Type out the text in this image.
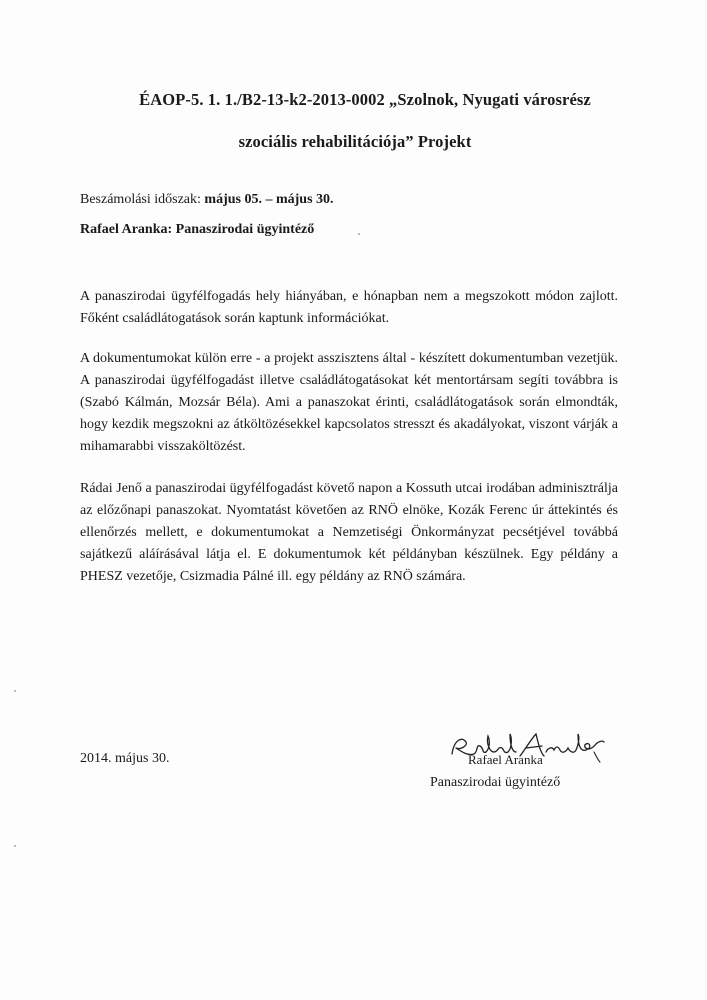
ÉAOP-5. 1. 1./B2-13-k2-2013-0002 „Szolnok, Nyugati városrész
szociális rehabilitációja” Projekt
Beszámolási időszak: május 05. – május 30.
Rafael Aranka: Panaszirodai ügyintéző
A panaszirodai ügyfélfogadás hely hiányában, e hónapban nem a megszokott módon zajlott. Főként családlátogatások során kaptunk információkat.
A dokumentumokat külön erre - a projekt asszisztens által - készített dokumentumban vezetjük. A panaszirodai ügyfélfogadást illetve családlátogatásokat két mentortársam segíti továbbra is (Szabó Kálmán, Mozsár Béla). Ami a panaszokat érinti, családlátogatások során elmondták, hogy kezdik megszokni az átköltözésekkel kapcsolatos stresszt és akadályokat, viszont várják a mihamarabbi visszaköltözést.
Rádai Jenő a panaszirodai ügyfélfogadást követő napon a Kossuth utcai irodában adminisztrálja az előzőnapi panaszokat. Nyomtatást követően az RNÖ elnöke, Kozák Ferenc úr áttekintés és ellenőrzés mellett, e dokumentumokat a Nemzetiségi Önkormányzat pecsétjével továbbá sajátkezű aláírásával látja el. E dokumentumok két példányban készülnek. Egy példány a PHESZ vezetője, Csizmadia Pálné ill. egy példány az RNÖ számára.
2014. május 30.	Rafael Aranka
Panaszirodai ügyintéző
